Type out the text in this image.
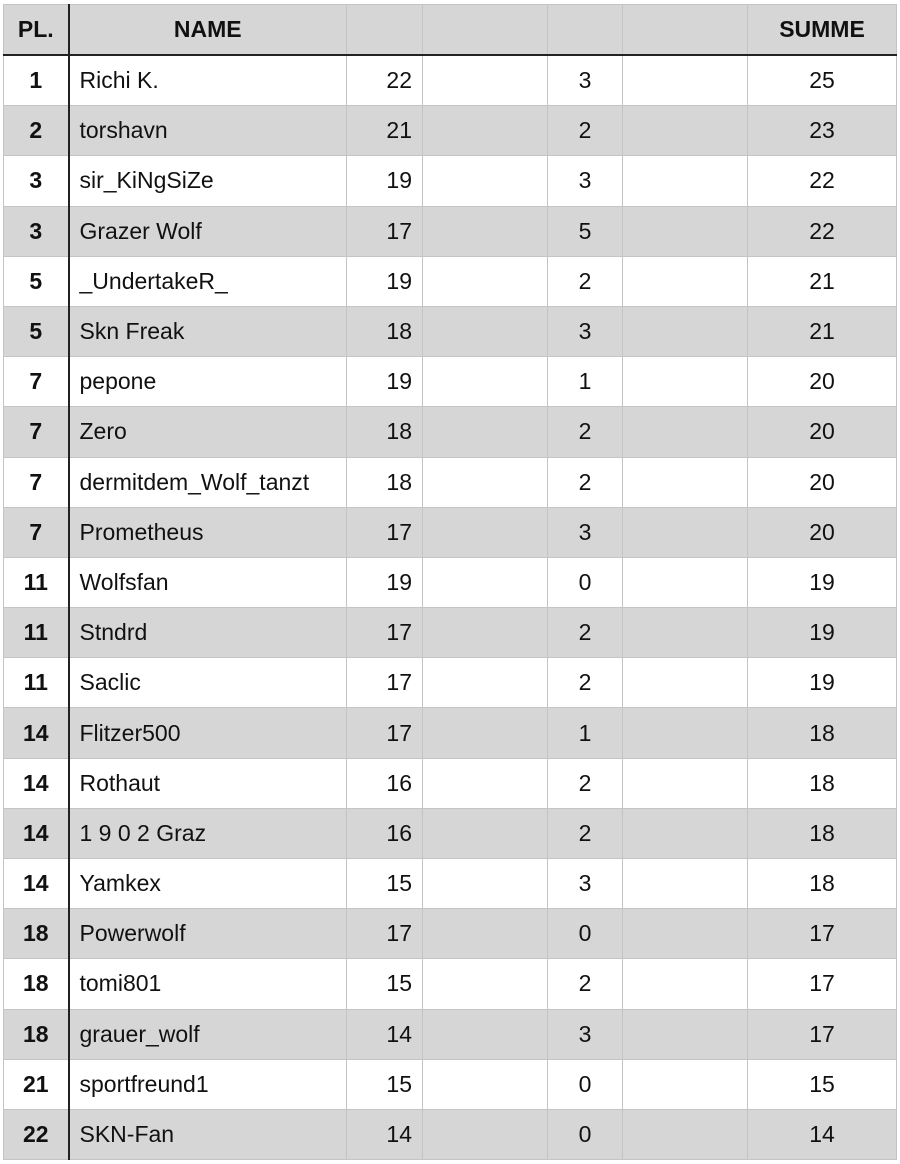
PL.	NAME					SUMME
1	Richi K.	22		3		25
2	torshavn	21		2		23
3	sir_KiNgSiZe	19		3		22
3	Grazer Wolf	17		5		22
5	_UndertakeR_	19		2		21
5	Skn Freak	18		3		21
7	pepone	19		1		20
7	Zero	18		2		20
7	dermitdem_Wolf_tanzt	18		2		20
7	Prometheus	17		3		20
11	Wolfsfan	19		0		19
11	Stndrd	17		2		19
11	Saclic	17		2		19
14	Flitzer500	17		1		18
14	Rothaut	16		2		18
14	1 9 0 2 Graz	16		2		18
14	Yamkex	15		3		18
18	Powerwolf	17		0		17
18	tomi801	15		2		17
18	grauer_wolf	14		3		17
21	sportfreund1	15		0		15
22	SKN-Fan	14		0		14
